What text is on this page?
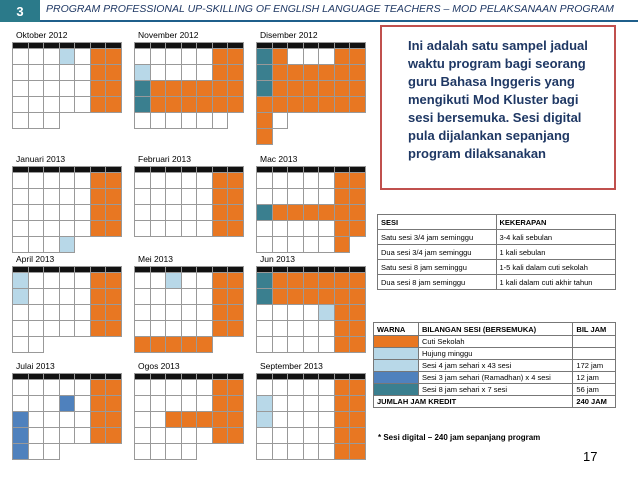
3	PROGRAM PROFESSIONAL UP-SKILLING OF ENGLISH LANGUAGE TEACHERS – MOD PELAKSANAAN PROGRAM
Oktober 2012	November 2012	Disember 2012
Januari 2013	Februari 2013	Mac 2013
April 2013	Mei 2013	Jun 2013
Julai 2013	Ogos 2013	September 2013
Ini adalah satu sampel jadual waktu program bagi seorang guru Bahasa Inggeris yang mengikuti Mod Kluster bagi sesi bersemuka. Sesi digital pula dijalankan sepanjang program dilaksanakan
SESI	KEKERAPAN
Satu sesi 3/4 jam seminggu	3-4 kali sebulan
Dua sesi 3/4 jam seminggu	1 kali sebulan
Satu sesi 8 jam seminggu	1-5 kali dalam cuti sekolah
Dua sesi 8 jam seminggu	1 kali dalam cuti akhir tahun
WARNA	BILANGAN SESI (BERSEMUKA)	BIL JAM
	Cuti Sekolah	
	Hujung minggu	
	Sesi 4 jam sehari x 43 sesi	172 jam
	Sesi 3 jam sehari (Ramadhan) x 4 sesi	12 jam
	Sesi 8 jam sehari x 7 sesi	56 jam
JUMLAH JAM KREDIT		240 JAM
* Sesi digital – 240 jam sepanjang program
17
